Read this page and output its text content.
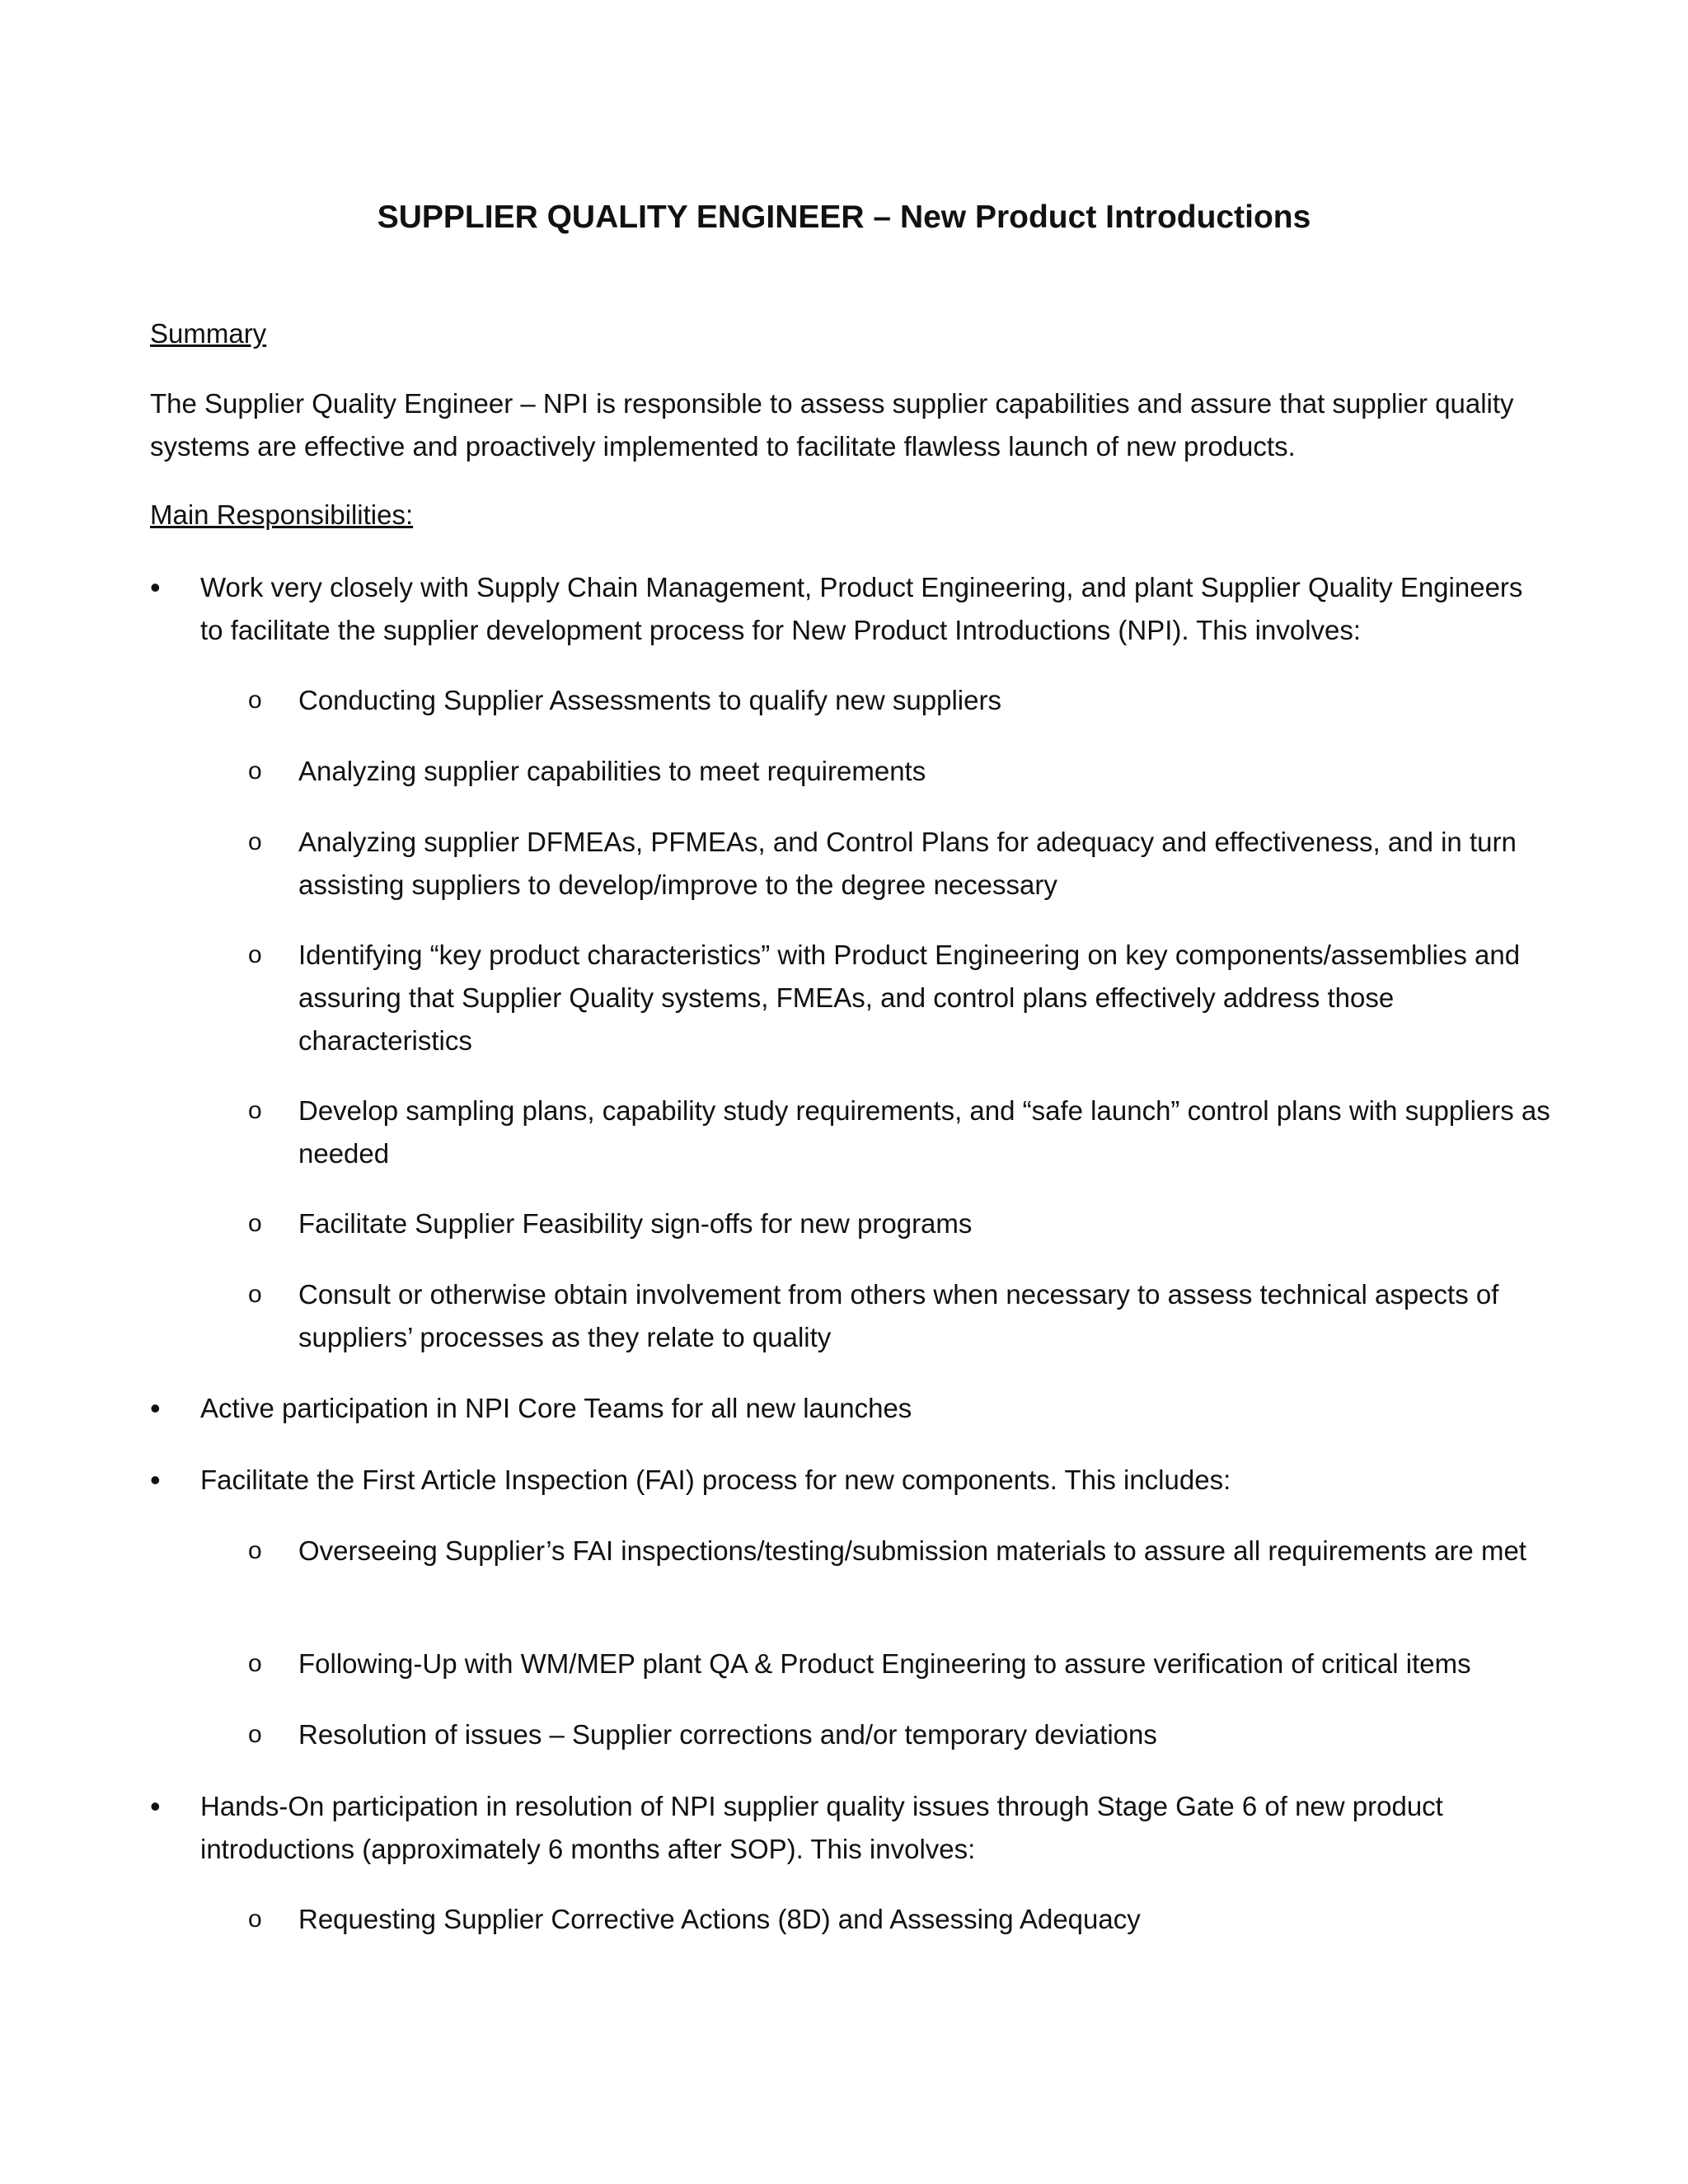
SUPPLIER QUALITY ENGINEER – New Product Introductions
Summary

The Supplier Quality Engineer – NPI is responsible to assess supplier capabilities and assure that supplier quality systems are effective and proactively implemented to facilitate flawless launch of new products.

Main Responsibilities:
• Work very closely with Supply Chain Management, Product Engineering, and plant Supplier Quality Engineers to facilitate the supplier development process for New Product Introductions (NPI). This involves:

o Conducting Supplier Assessments to qualify new suppliers

o Analyzing supplier capabilities to meet requirements

o Analyzing supplier DFMEAs, PFMEAs, and Control Plans for adequacy and effectiveness, and in turn assisting suppliers to develop/improve to the degree necessary

o Identifying “key product characteristics” with Product Engineering on key components/assemblies and assuring that Supplier Quality systems, FMEAs, and control plans effectively address those characteristics

o Develop sampling plans, capability study requirements, and “safe launch” control plans with suppliers as needed

o Facilitate Supplier Feasibility sign-offs for new programs

o Consult or otherwise obtain involvement from others when necessary to assess technical aspects of suppliers’ processes as they relate to quality

• Active participation in NPI Core Teams for all new launches

• Facilitate the First Article Inspection (FAI) process for new components. This includes:

o Overseeing Supplier’s FAI inspections/testing/submission materials to assure all requirements are met

o Following-Up with WM/MEP plant QA & Product Engineering to assure verification of critical items

o Resolution of issues – Supplier corrections and/or temporary deviations

• Hands-On participation in resolution of NPI supplier quality issues through Stage Gate 6 of new product introductions (approximately 6 months after SOP). This involves:

o Requesting Supplier Corrective Actions (8D) and Assessing Adequacy
